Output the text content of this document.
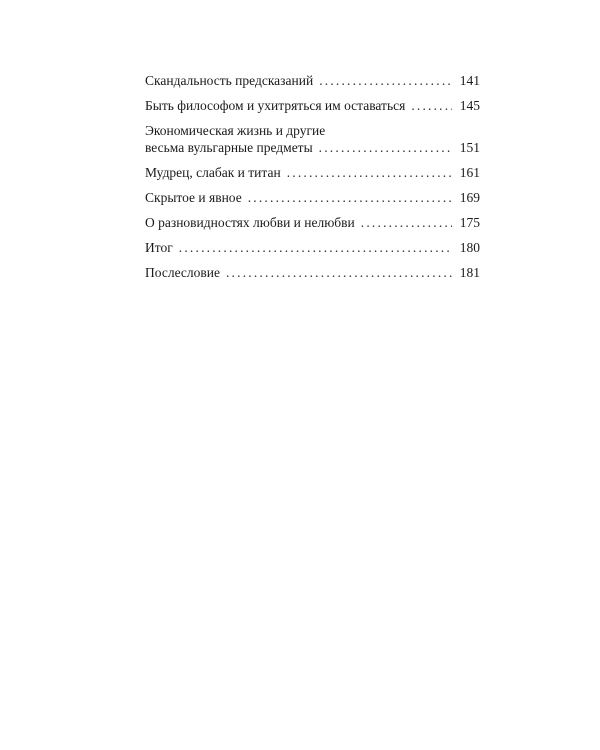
Скандальность предсказаний .....	141
Быть философом и ухитряться им оставаться .....	145
Экономическая жизнь и другие
весьма вульгарные предметы .....	151
Мудрец, слабак и титан .....	161
Скрытое и явное .....	169
О разновидностях любви и нелюбви .....	175
Итог .....	180
Послесловие .....	181
